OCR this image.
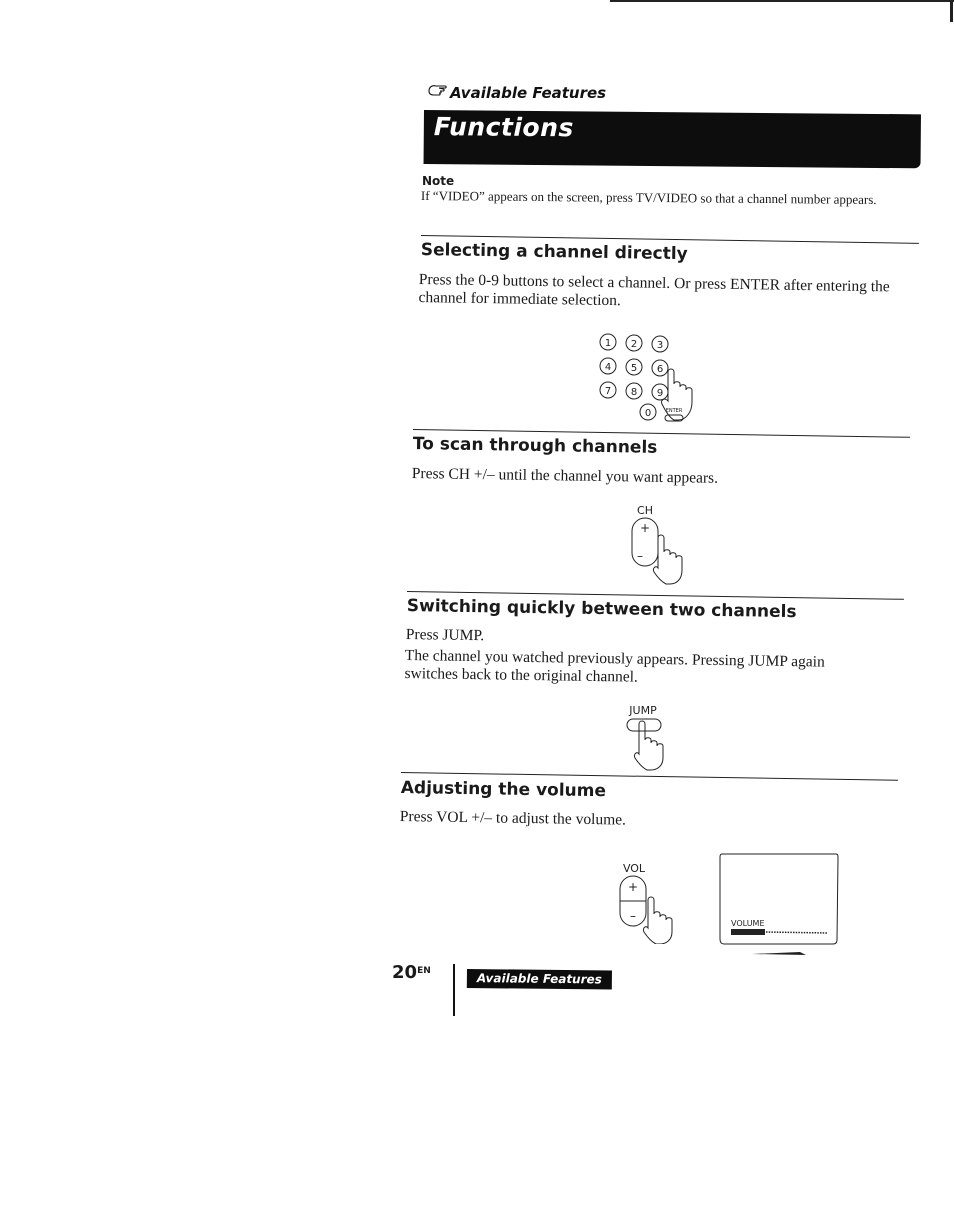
Available Features
Functions
Note
If “VIDEO” appears on the screen, press TV/VIDEO so that a channel number appears.
Selecting a channel directly
Press the 0-9 buttons to select a channel. Or press ENTER after entering the channel for immediate selection.
1 2 3
4 5 6
7 8 9
0	ENTER
To scan through channels
Press CH +/– until the channel you want appears.
CH
+
–
Switching quickly between two channels
Press JUMP.
The channel you watched previously appears. Pressing JUMP again switches back to the original channel.
JUMP
Adjusting the volume
Press VOL +/– to adjust the volume.
VOL
+
–
VOLUME
$20^{EN}$
Available Features
